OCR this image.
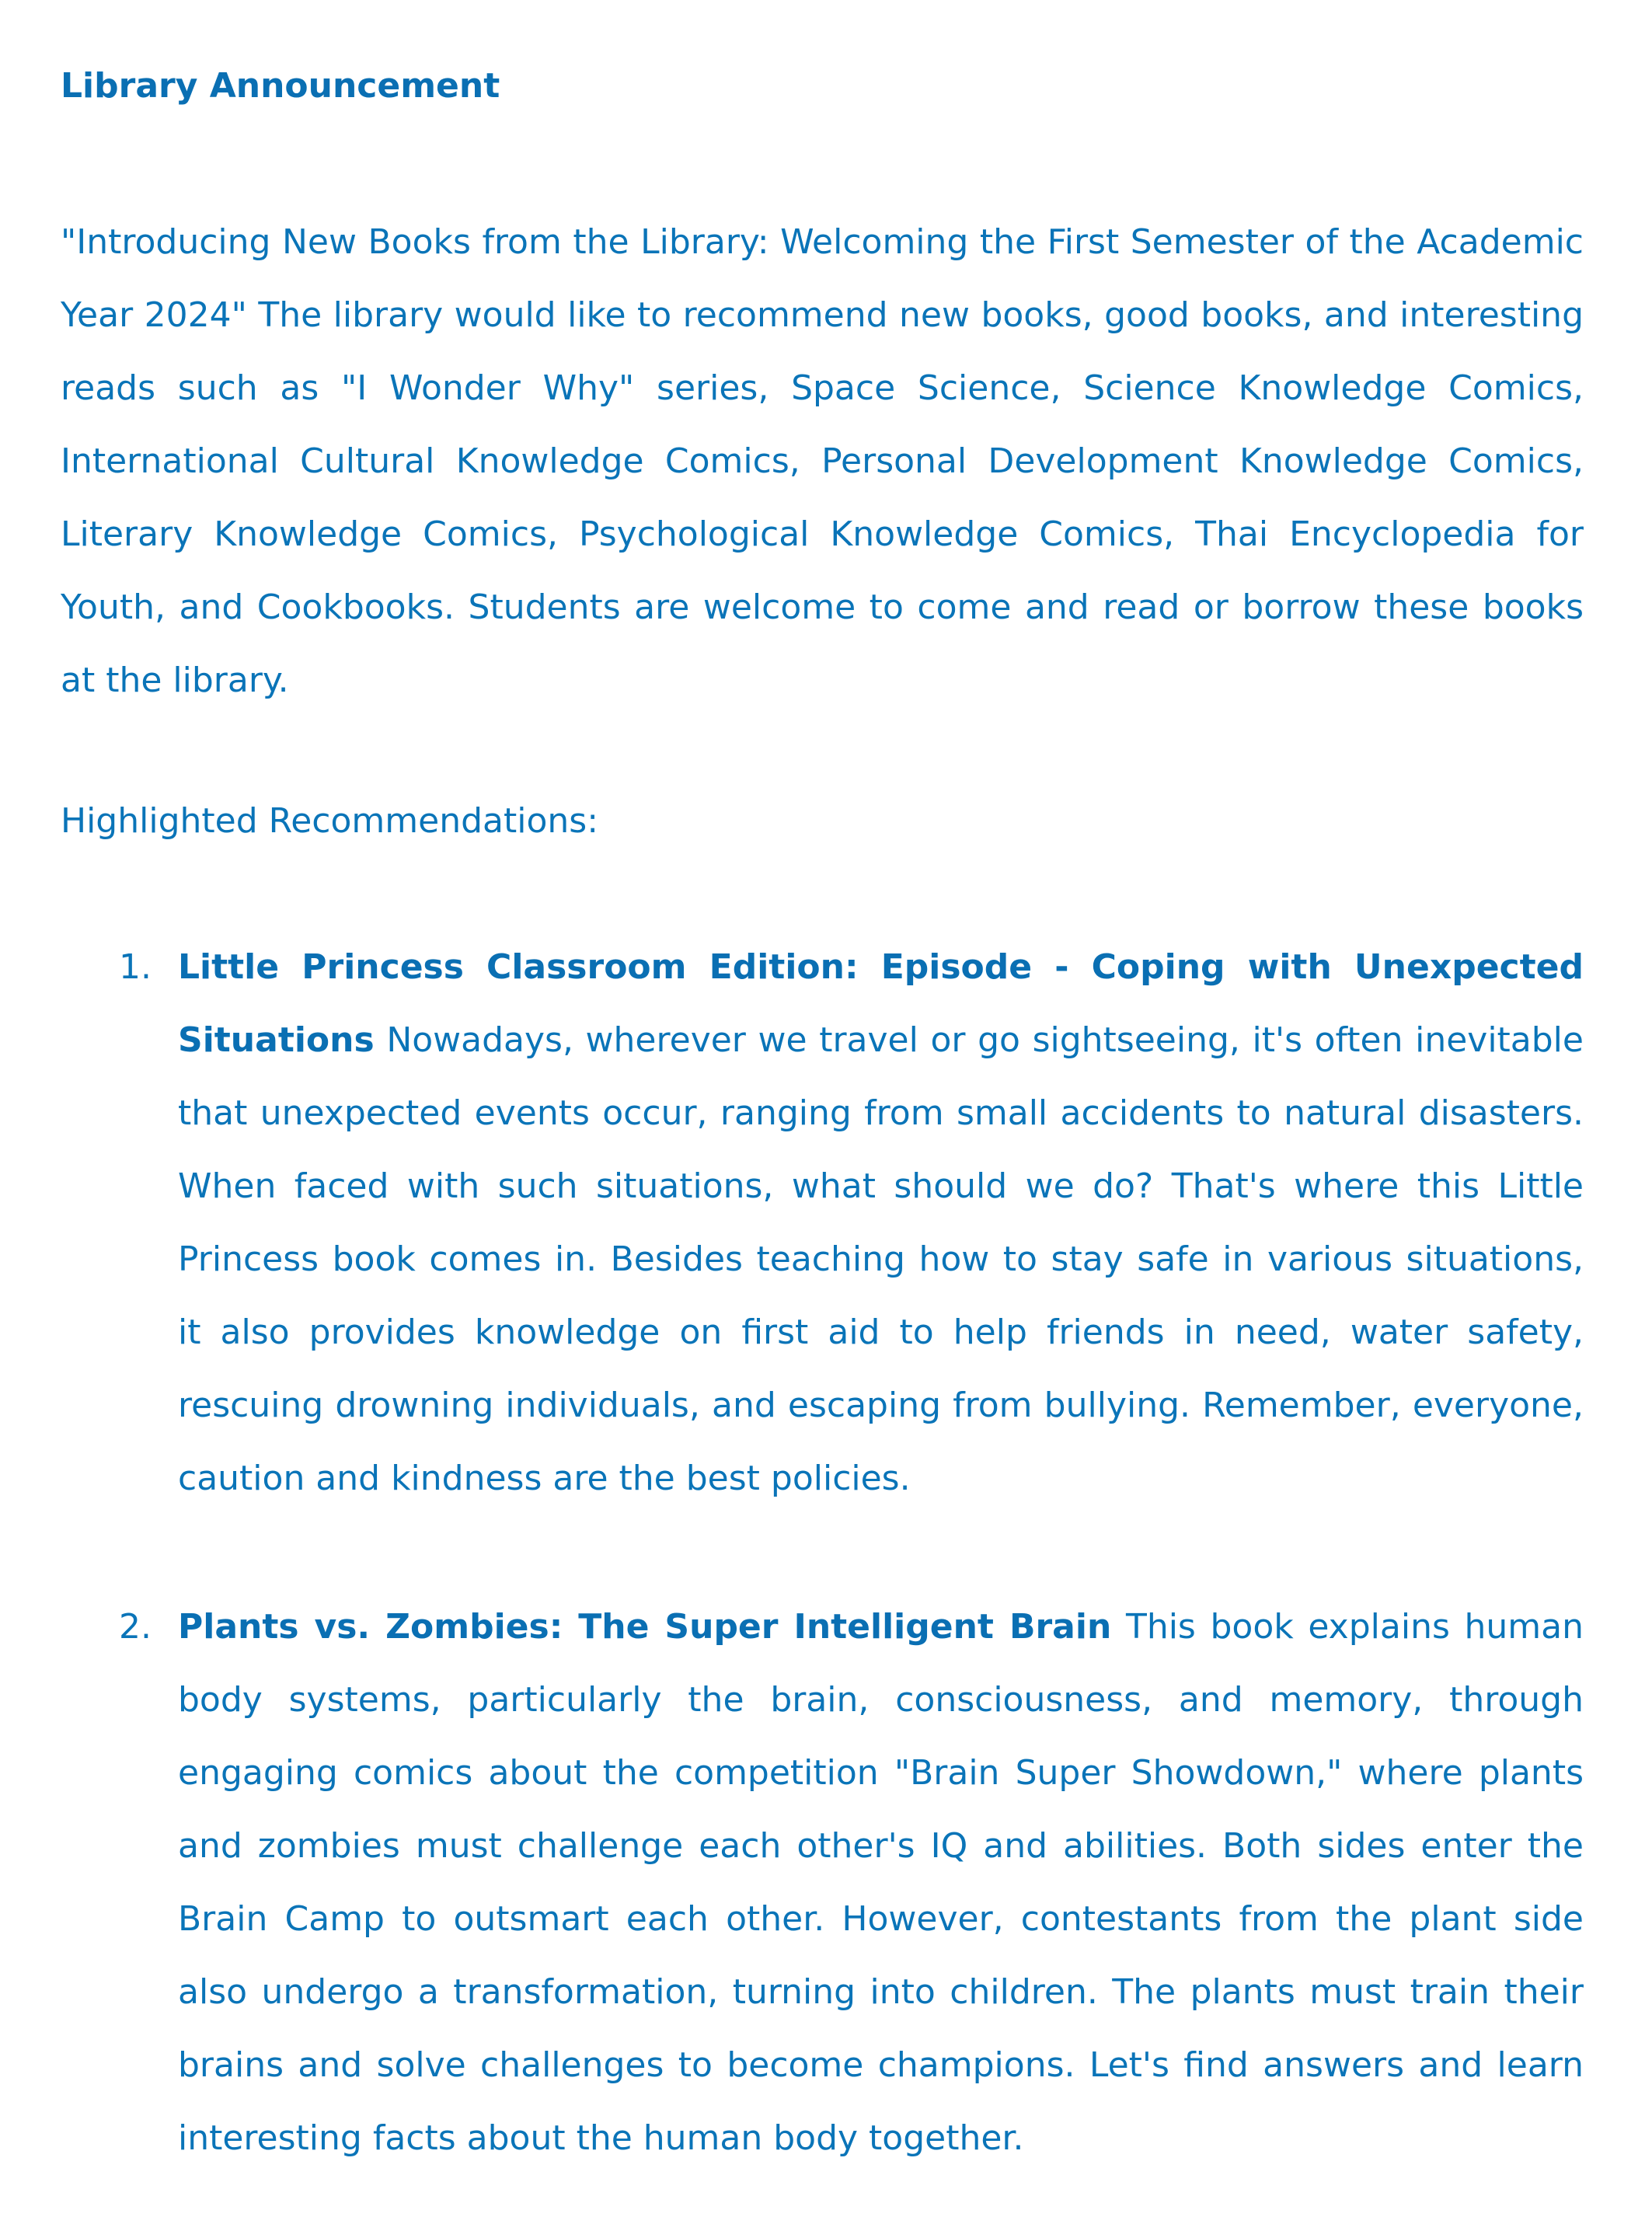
Library Announcement

"Introducing New Books from the Library: Welcoming the First Semester of the Academic Year 2024" The library would like to recommend new books, good books, and interesting reads such as "I Wonder Why" series, Space Science, Science Knowledge Comics, International Cultural Knowledge Comics, Personal Development Knowledge Comics, Literary Knowledge Comics, Psychological Knowledge Comics, Thai Encyclopedia for Youth, and Cookbooks. Students are welcome to come and read or borrow these books at the library.

Highlighted Recommendations:

1. Little Princess Classroom Edition: Episode - Coping with Unexpected Situations Nowadays, wherever we travel or go sightseeing, it's often inevitable that unexpected events occur, ranging from small accidents to natural disasters. When faced with such situations, what should we do? That's where this Little Princess book comes in. Besides teaching how to stay safe in various situations, it also provides knowledge on first aid to help friends in need, water safety, rescuing drowning individuals, and escaping from bullying. Remember, everyone, caution and kindness are the best policies.

2. Plants vs. Zombies: The Super Intelligent Brain This book explains human body systems, particularly the brain, consciousness, and memory, through engaging comics about the competition "Brain Super Showdown," where plants and zombies must challenge each other's IQ and abilities. Both sides enter the Brain Camp to outsmart each other. However, contestants from the plant side also undergo a transformation, turning into children. The plants must train their brains and solve challenges to become champions. Let's find answers and learn interesting facts about the human body together.
